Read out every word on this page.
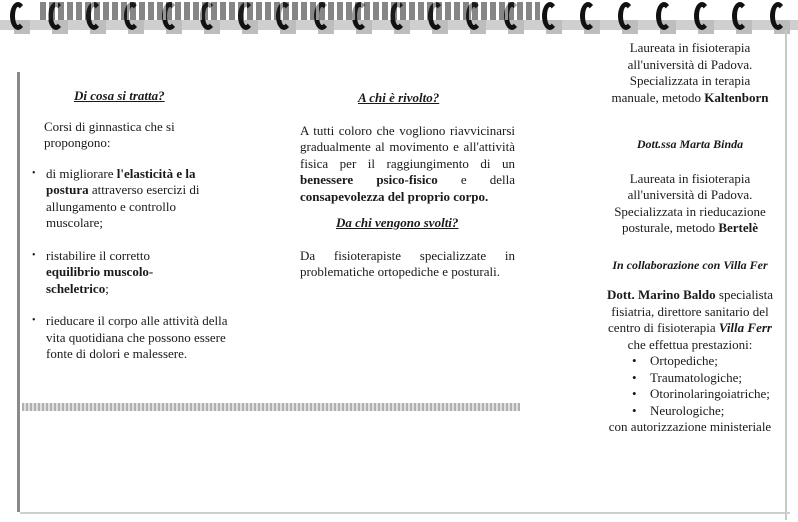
Di cosa si tratta?

Corsi di ginnastica che si

propongono:

• di migliorare l'elasticità e la postura attraverso esercizi di allungamento e controllo muscolare;
• ristabilire il corretto equilibrio muscolo-scheletrico;
• rieducare il corpo alle attività della vita quotidiana che possono essere fonte di dolori e malessere.
A chi è rivolto?

A tutti coloro che vogliono riavvicinarsi gradualmente al movimento e all'attività fisica per il raggiungimento di un benessere psico-fisico e della consapevolezza del proprio corpo.

Da chi vengono svolti?

Da fisioterapiste specializzate in problematiche ortopediche e posturali.

Laureata in fisioterapia

all'università di Padova.

Specializzata in terapia

manuale, metodo Kaltenborn

Dott.ssa Marta Binda

Laureata in fisioterapia

all'università di Padova.

Specializzata in rieducazione

posturale, metodo Bertelè

In collaborazione con Villa Fer

Dott. Marino Baldo specialista

fisiatria, direttore sanitario del

centro di fisioterapia Villa Ferr

che effettua prestazioni:

• Ortopediche;
• Traumatologiche;
• Otorinolaringoiatriche;
• Neurologiche;

con autorizzazione ministeriale
